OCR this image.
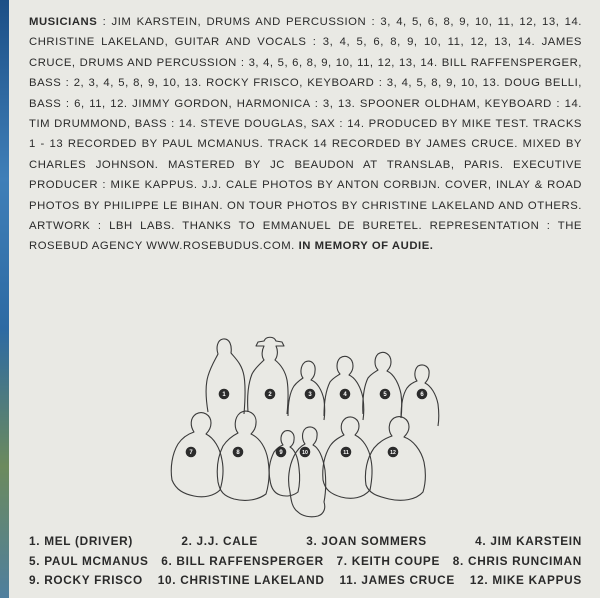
MUSICIANS : JIM KARSTEIN, DRUMS AND PERCUSSION : 3, 4, 5, 6, 8, 9, 10, 11, 12, 13, 14. CHRISTINE LAKELAND, GUITAR AND VOCALS : 3, 4, 5, 6, 8, 9, 10, 11, 12, 13, 14. JAMES CRUCE, DRUMS AND PERCUSSION : 3, 4, 5, 6, 8, 9, 10, 11, 12, 13, 14. BILL RAFFENSPERGER, BASS : 2, 3, 4, 5, 8, 9, 10, 13. ROCKY FRISCO, KEYBOARD : 3, 4, 5, 8, 9, 10, 13. DOUG BELLI, BASS : 6, 11, 12. JIMMY GORDON, HARMONICA : 3, 13. SPOONER OLDHAM, KEYBOARD : 14. TIM DRUMMOND, BASS : 14. STEVE DOUGLAS, SAX : 14. PRODUCED BY MIKE TEST. TRACKS 1 - 13 RECORDED BY PAUL MCMANUS. TRACK 14 RECORDED BY JAMES CRUCE. MIXED BY CHARLES JOHNSON. MASTERED BY JC BEAUDON AT TRANSLAB, PARIS. EXECUTIVE PRODUCER : MIKE KAPPUS. J.J. CALE PHOTOS BY ANTON CORBIJN. COVER, INLAY & ROAD PHOTOS BY PHILIPPE LE BIHAN. ON TOUR PHOTOS BY CHRISTINE LAKELAND AND OTHERS. ARTWORK : LBH LABS. THANKS TO EMMANUEL DE BURETEL. REPRESENTATION : THE ROSEBUD AGENCY WWW.ROSEBUDUS.COM. IN MEMORY OF AUDIE.
1	2	3	4	5	6
7	8	9	10	11	12
1. MEL (DRIVER)	2. J.J. CALE	3. JOAN SOMMERS	4. JIM KARSTEIN
5. PAUL MCMANUS 6. BILL RAFFENSPERGER 7. KEITH COUPE 8. CHRIS RUNCIMAN
9. ROCKY FRISCO 10. CHRISTINE LAKELAND 11. JAMES CRUCE 12. MIKE KAPPUS
